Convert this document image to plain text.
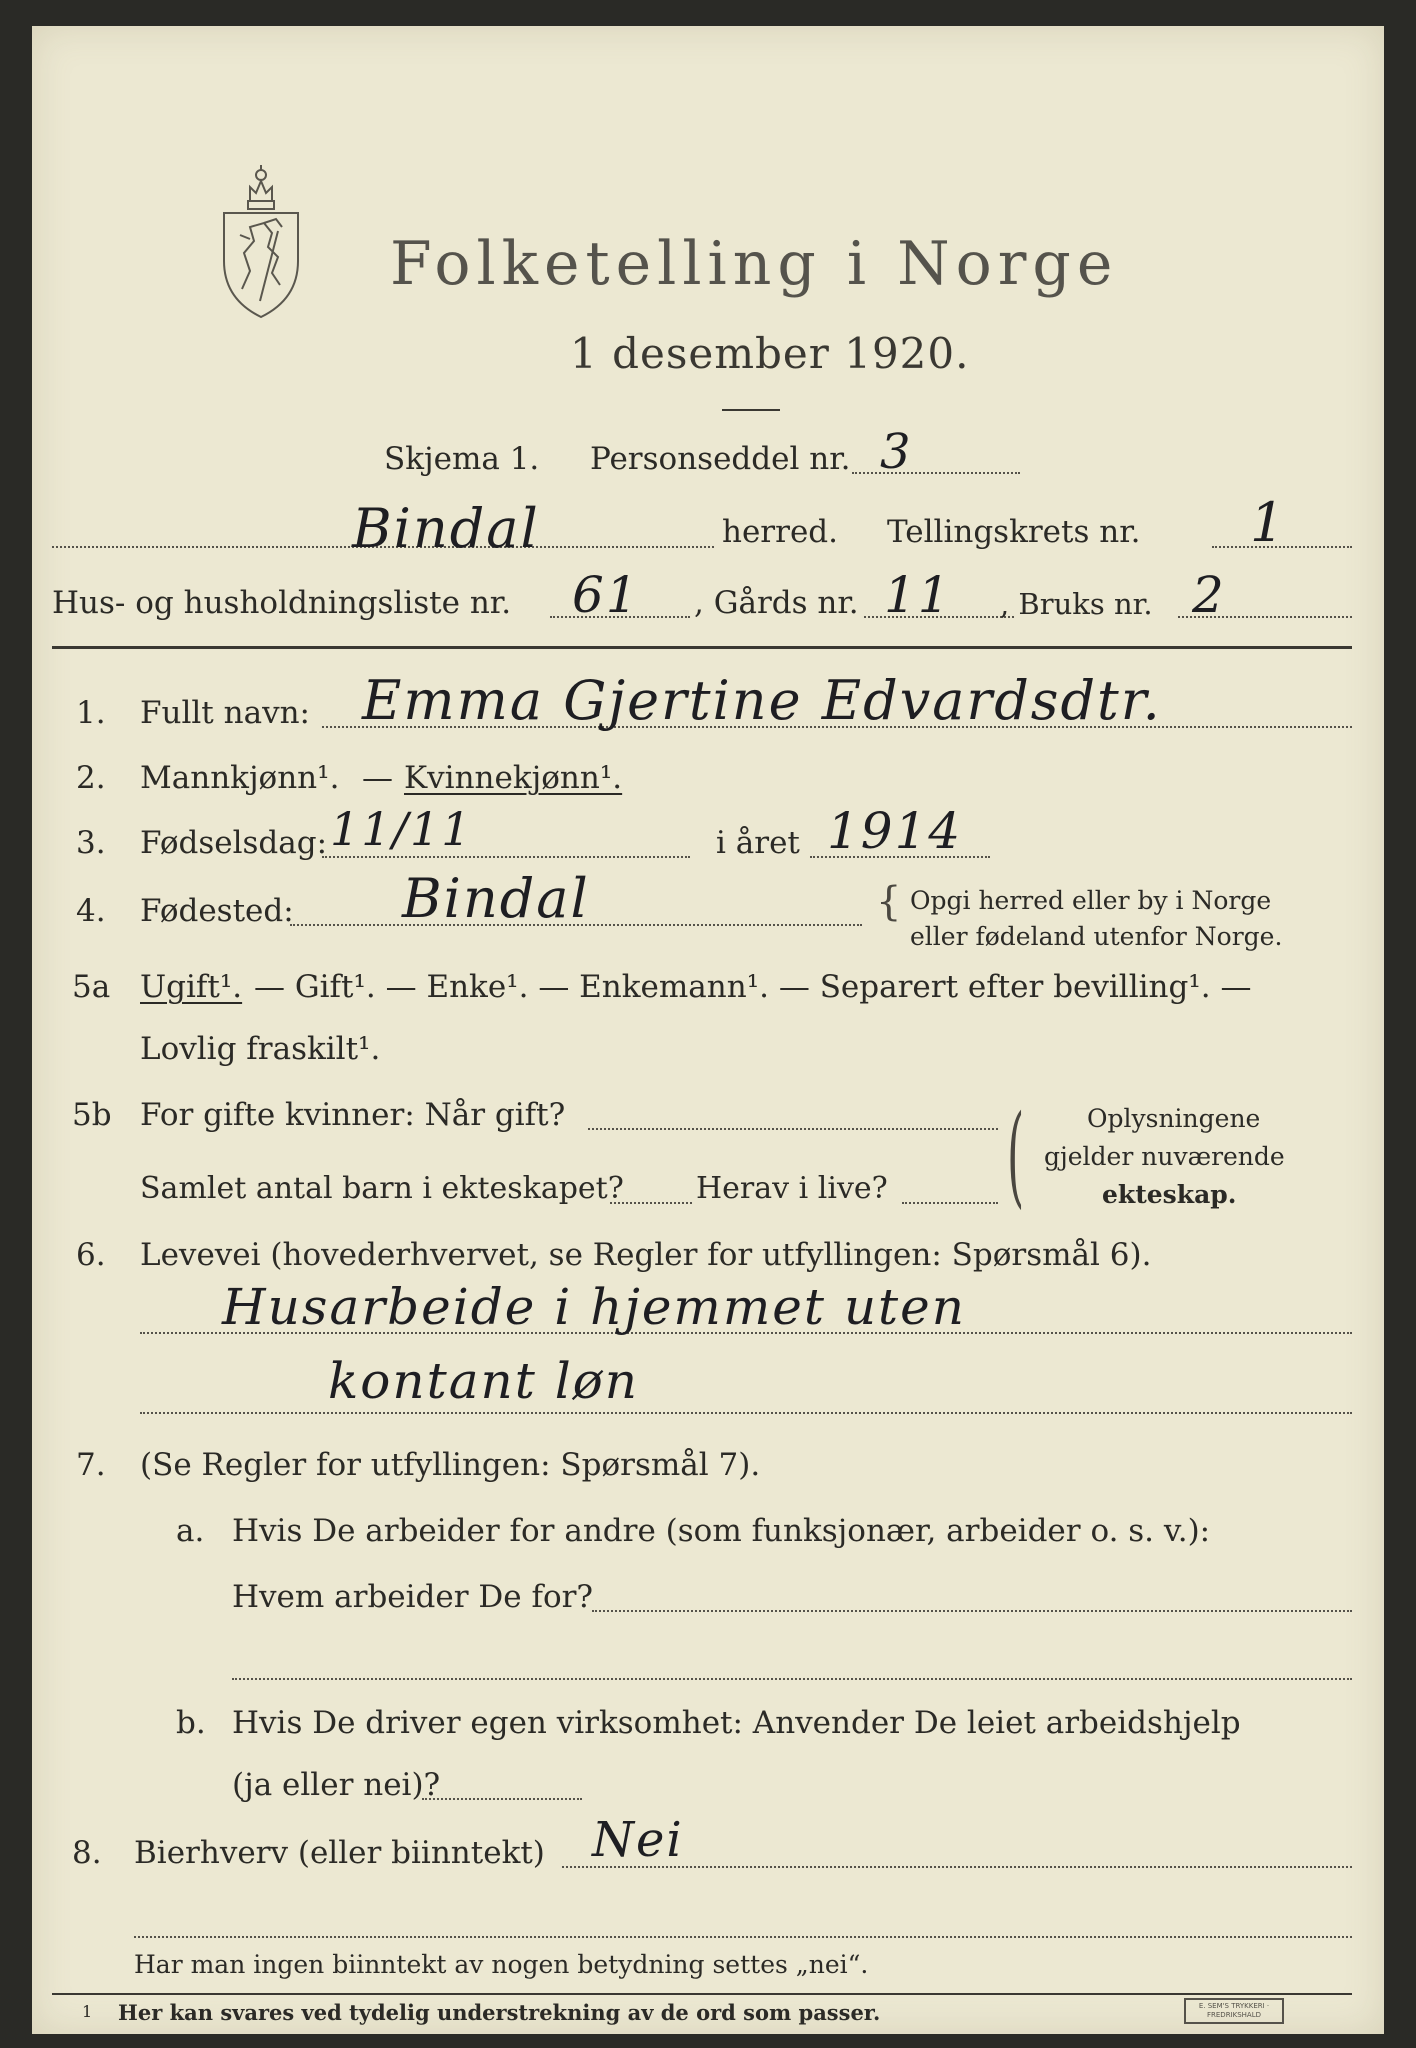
Folketelling i Norge
1 desember 1920.
Skjema 1. Personseddel nr. 3
Bindal	herred. Tellingskrets nr. 1
Hus- og husholdningsliste nr. 61 , Gårds nr. 11 , Bruks nr. 2
1. Fullt navn: Emma Gjertine Edvardsdtr.
2. Mannkjønn¹. — Kvinnekjønn¹.
3. Fødselsdag: 11/11	i året 1914
4. Fødested: Bindal	{ Opgi herred eller by i Norge
eller fødeland utenfor Norge.
5a Ugift¹. — Gift¹. — Enke¹. — Enkemann¹. — Separert efter bevilling¹. —
Lovlig fraskilt¹.
5b For gifte kvinner: Når gift?
Samlet antal barn i ekteskapet? Herav i live? (	Oplysningene
gjelder nuværende
ekteskap.
6. Levevei (hovederhvervet, se Regler for utfyllingen: Spørsmål 6).
Husarbeide i hjemmet uten
kontant løn
7. (Se Regler for utfyllingen: Spørsmål 7).
a. Hvis De arbeider for andre (som funksjonær, arbeider o. s. v.):
Hvem arbeider De for?
b. Hvis De driver egen virksomhet: Anvender De leiet arbeidshjelp
(ja eller nei)?
8. Bierhverv (eller biinntekt) Nei
Har man ingen biinntekt av nogen betydning settes „nei“.
1 Her kan svares ved tydelig understrekning av de ord som passer.	E. SEM'S TRYKKERI · FREDRIKSHALD
